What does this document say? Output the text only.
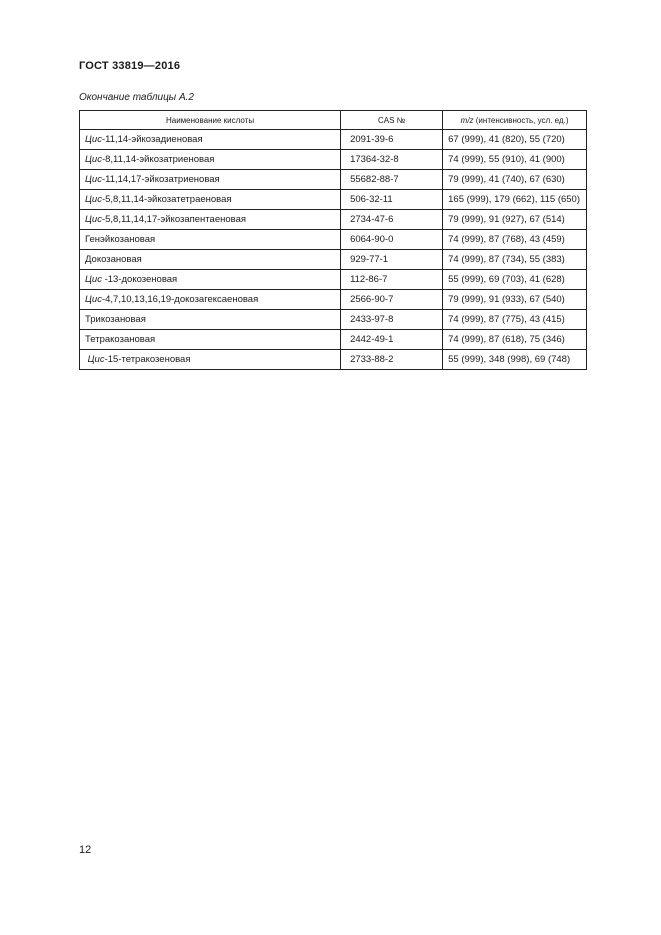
ГОСТ 33819—2016
Окончание таблицы А.2
Наименование кислоты	CAS №	m/z (интенсивность, усл. ед.)
Цис-11,14-эйкозадиеновая	2091-39-6	67 (999), 41 (820), 55 (720)
Цис-8,11,14-эйкозатриеновая	17364-32-8	74 (999), 55 (910), 41 (900)
Цис-11,14,17-эйкозатриеновая	55682-88-7	79 (999), 41 (740), 67 (630)
Цис-5,8,11,14-эйкозатетраеновая	506-32-11	165 (999), 179 (662), 115 (650)
Цис-5,8,11,14,17-эйкозапентаеновая	2734-47-6	79 (999), 91 (927), 67 (514)
Генэйкозановая	6064-90-0	74 (999), 87 (768), 43 (459)
Докозановая	929-77-1	74 (999), 87 (734), 55 (383)
Цис -13-докозеновая	112-86-7	55 (999), 69 (703), 41 (628)
Цис-4,7,10,13,16,19-докозагексаеновая	2566-90-7	79 (999), 91 (933), 67 (540)
Трикозановая	2433-97-8	74 (999), 87 (775), 43 (415)
Тетракозановая	2442-49-1	74 (999), 87 (618), 75 (346)
Цис-15-тетракозеновая	2733-88-2	55 (999), 348 (998), 69 (748)
12
